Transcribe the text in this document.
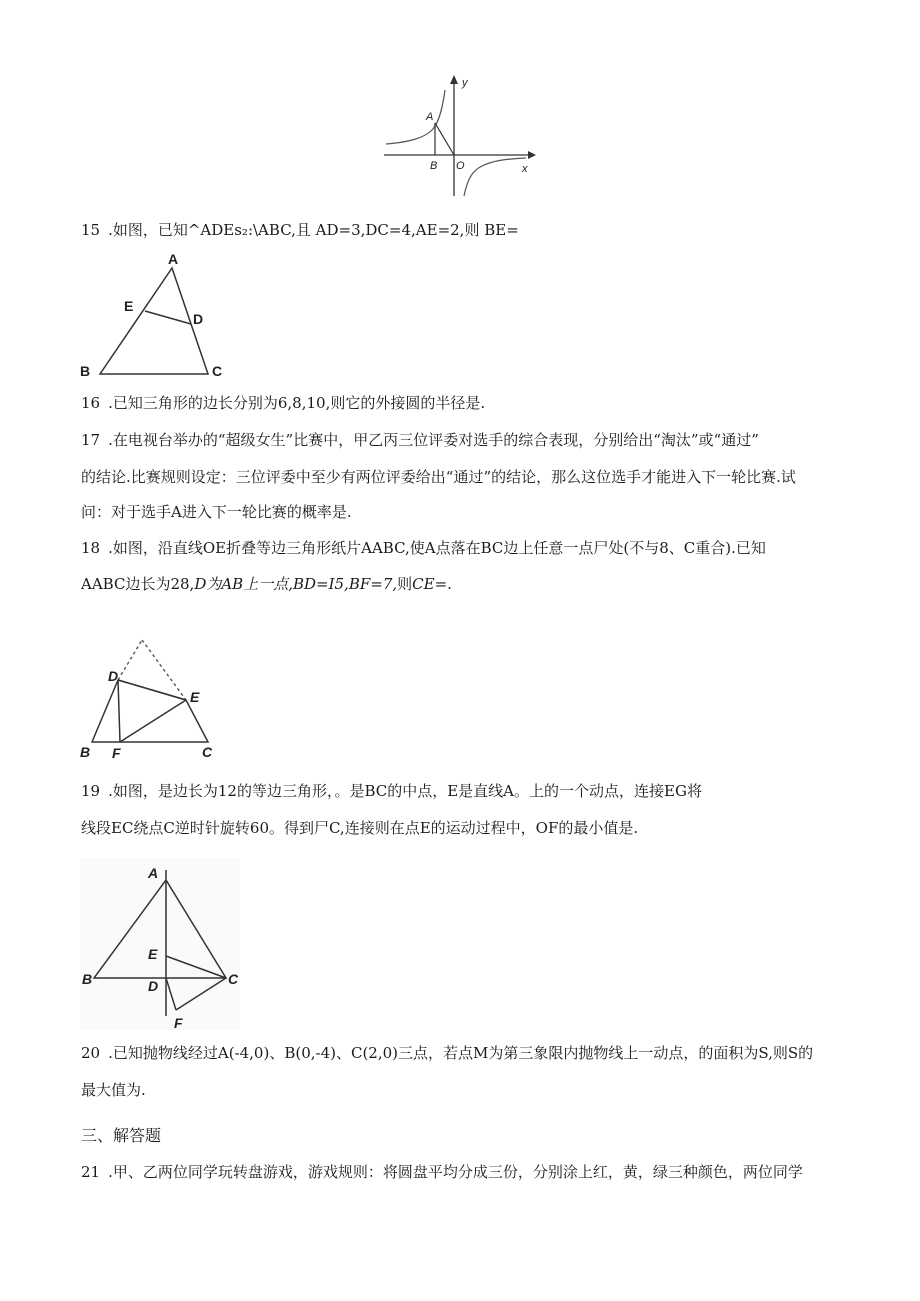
y
A
B O	x
15 .如图，已知^ADEs₂:\ABC,且 AD=3,DC=4,AE=2,则 BE=
A
E
D
B	C
16 .已知三角形的边长分别为6,8,10,则它的外接圆的半径是.
17 .在电视台举办的“超级女生”比赛中，甲乙丙三位评委对选手的综合表现，分别给出“淘汰”或“通过”
的结论.比赛规则设定：三位评委中至少有两位评委给出“通过”的结论，那么这位选手才能进入下一轮比赛.试
问：对于选手A进入下一轮比赛的概率是.
18 .如图，沿直线OE折叠等边三角形纸片AABC,使A点落在BC边上任意一点尸处(不与8、C重合).已知
AABC边长为28,D为AB上一点,BD=I5,BF=7,则CE=.
D
E
B F	C
19 .如图，是边长为12的等边三角形，。是BC的中点，E是直线A。上的一个动点，连接EG将
线段EC绕点C逆时针旋转60。得到尸C,连接则在点E的运动过程中，OF的最小值是.
A
E
B	D	C
F
20 .已知抛物线经过A(-4,0)、B(0,-4)、C(2,0)三点，若点M为第三象限内抛物线上一动点，的面积为S,则S的
最大值为.
三、解答题
21 .甲、乙两位同学玩转盘游戏，游戏规则：将圆盘平均分成三份，分别涂上红，黄，绿三种颜色，两位同学
